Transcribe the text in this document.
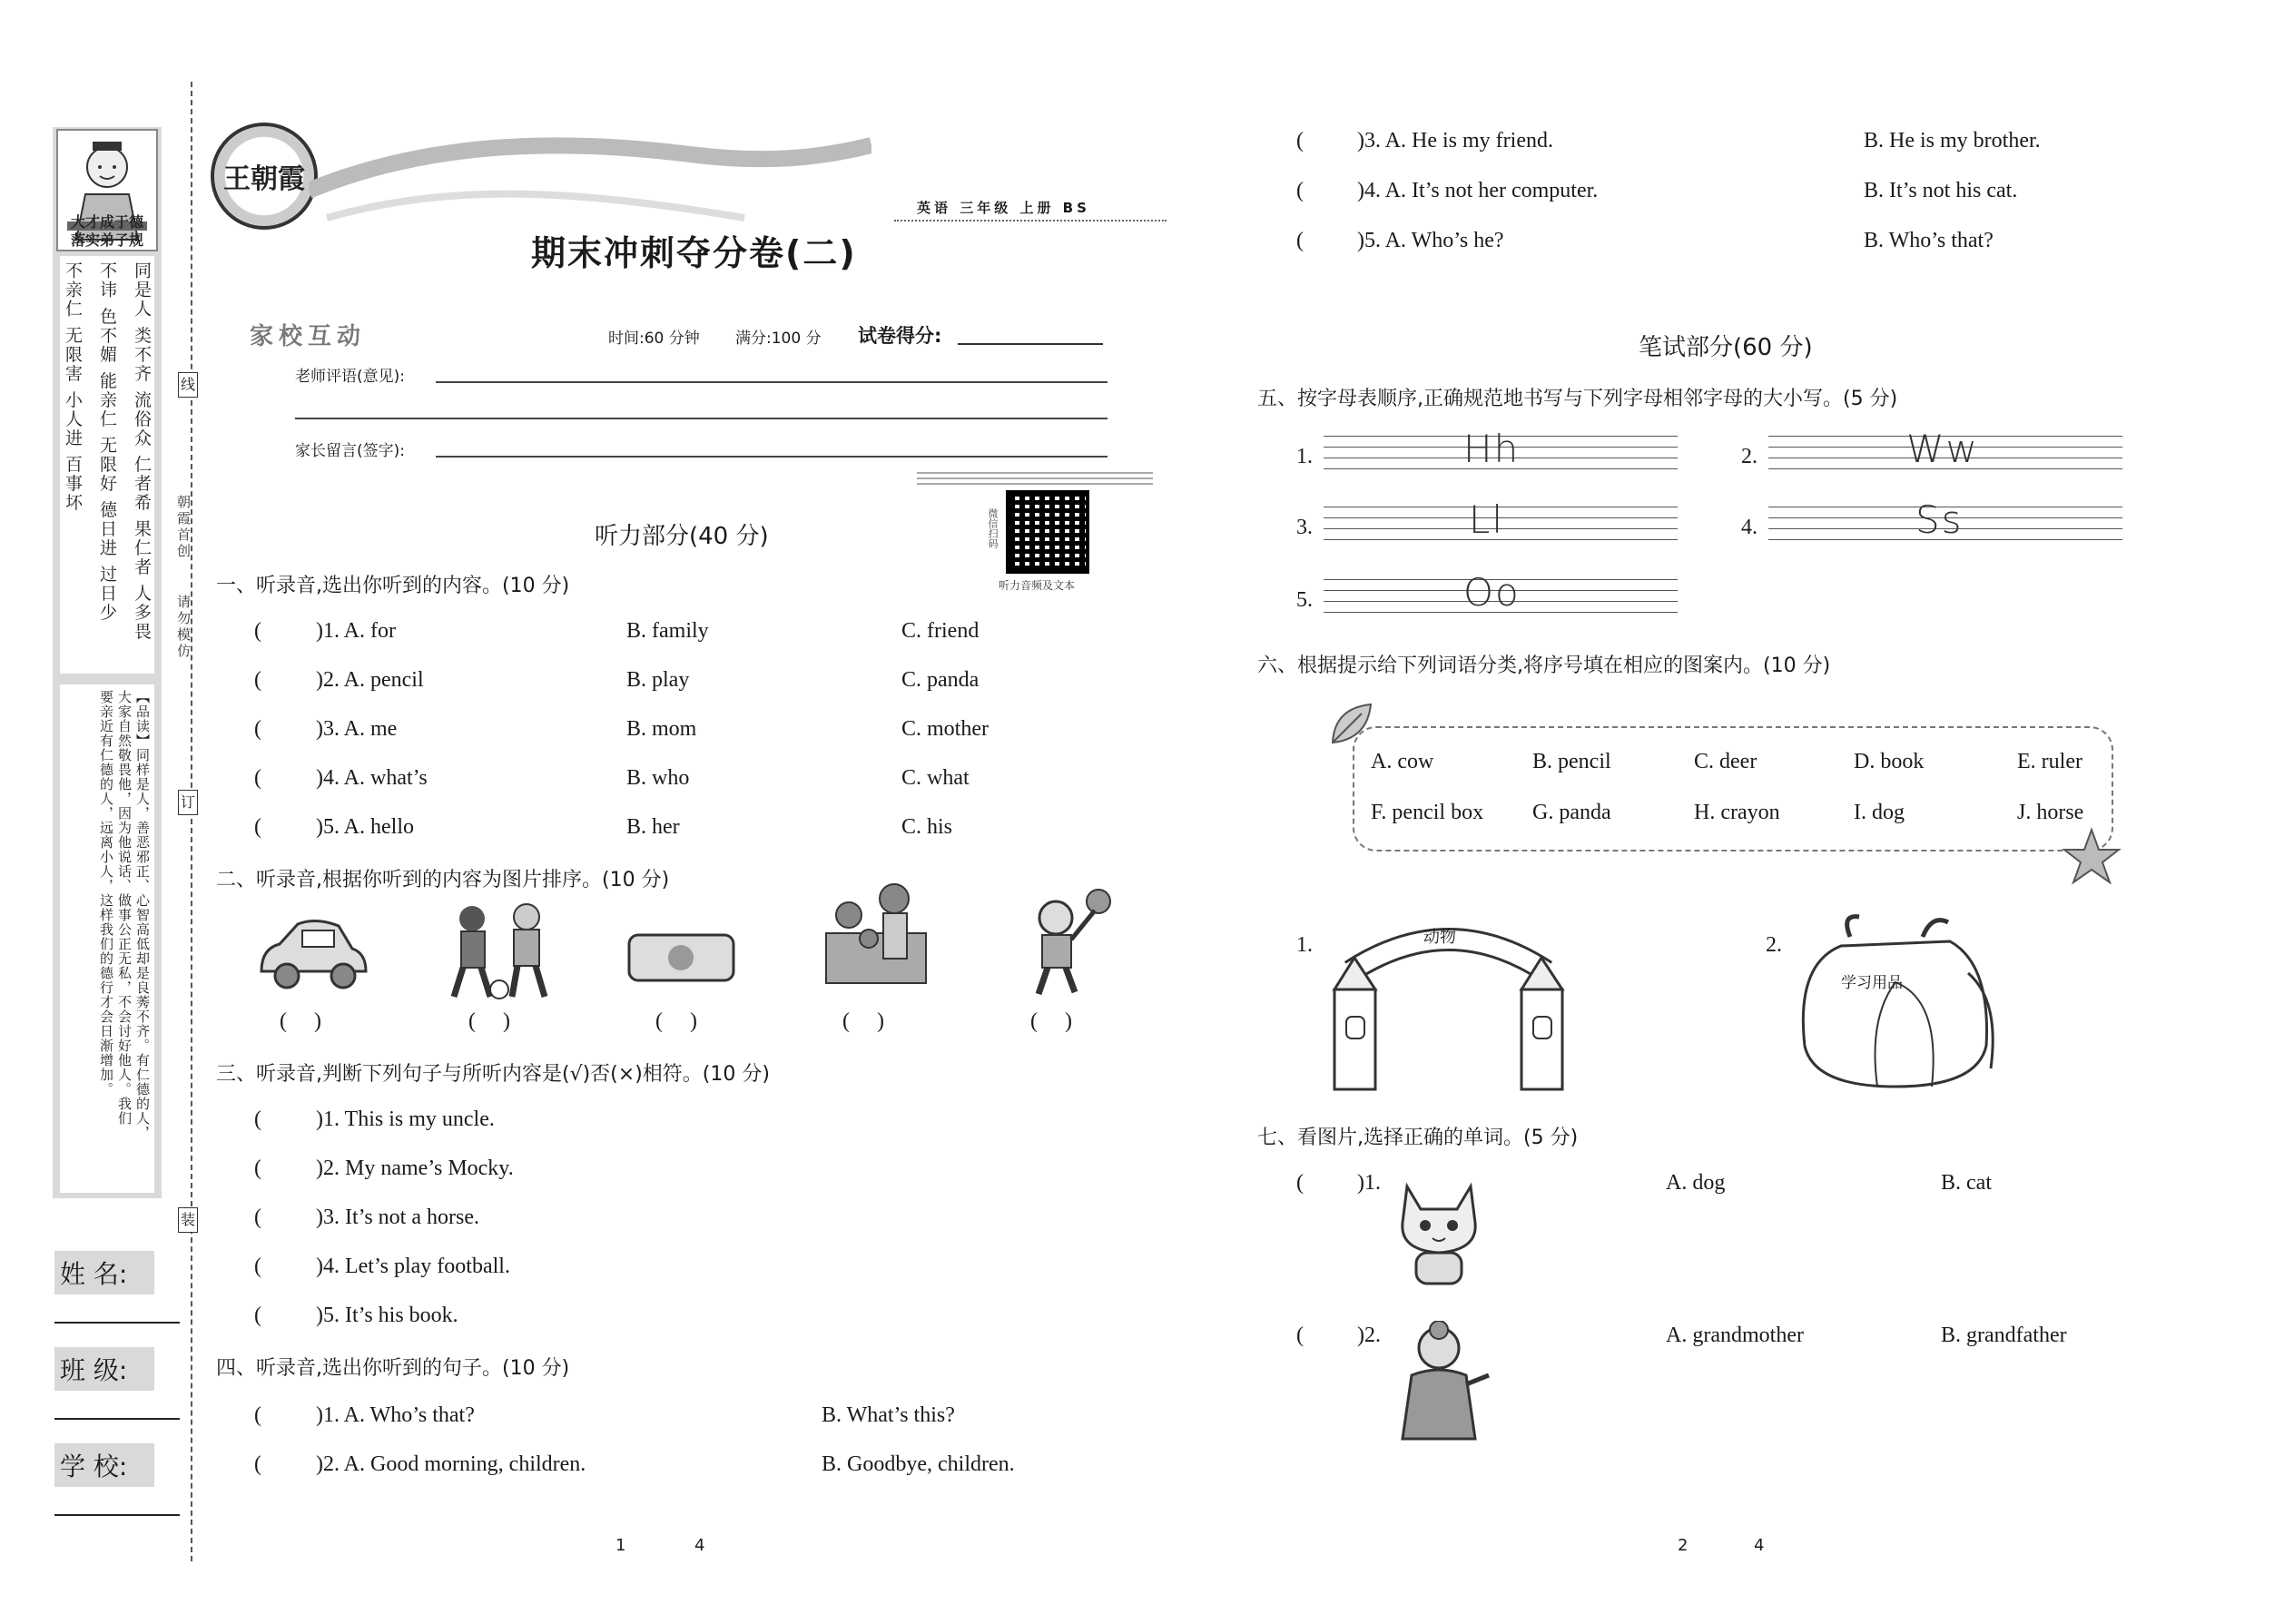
大才成于德
落实弟子规
同是人 类不齐 流俗众 仁者希 果仁者 人多畏
不讳 色不媚 能亲仁 无限好 德日进 过日少
不亲仁 无限害 小人进 百事坏
【品读】同样是人，善恶邪正、心智高低却是良莠不齐。有仁德的人，
大家自然敬畏他，因为他说话、做事公正无私，不会讨好他人。我们
要亲近有仁德的人，远离小人，这样我们的德行才会日渐增加。
姓 名:
班 级:
学 校:
线
订
装
朝霞首创
请勿模仿
王朝霞
期末冲刺夺分卷(二)
英语 三年级 上册 BS
家校互动	时间:60 分钟 满分:100 分 试卷得分:
老师评语(意见):
家长留言(签字):
微信扫码
听力音频及文本
听力部分(40 分)
一、听录音,选出你听到的内容。(10 分)
( )1. A. for	B. family	C. friend
( )2. A. pencil	B. play	C. panda
( )3. A. me	B. mom	C. mother
( )4. A. what’s	B. who	C. what
( )5. A. hello	B. her	C. his
二、听录音,根据你听到的内容为图片排序。(10 分)
(     )	(     )	(     )	(     )	(     )
三、听录音,判断下列句子与所听内容是(√)否(×)相符。(10 分)
( )1. This is my uncle.
( )2. My name’s Mocky.
( )3. It’s not a horse.
( )4. Let’s play football.
( )5. It’s his book.
四、听录音,选出你听到的句子。(10 分)
( )1. A. Who’s that?	B. What’s this?
( )2. A. Good morning, children.	B. Goodbye, children.
1	4
( )3. A. He is my friend.	B. He is my brother.
( )4. A. It’s not her computer.	B. It’s not his cat.
( )5. A. Who’s he?	B. Who’s that?
笔试部分(60 分)
五、按字母表顺序,正确规范地书写与下列字母相邻字母的大小写。(5 分)
1.	Hh	2.	Ww
3.	Ll	4.	Ss
5.	Oo
六、根据提示给下列词语分类,将序号填在相应的图案内。(10 分)
A. cow	B. pencil	C. deer	D. book	E. ruler
F. pencil box G. panda	H. crayon	I. dog	J. horse
1.	动物	2.
学习用品
七、看图片,选择正确的单词。(5 分)
( )1.	A. dog	B. cat
( )2.	A. grandmother	B. grandfather
2	4
